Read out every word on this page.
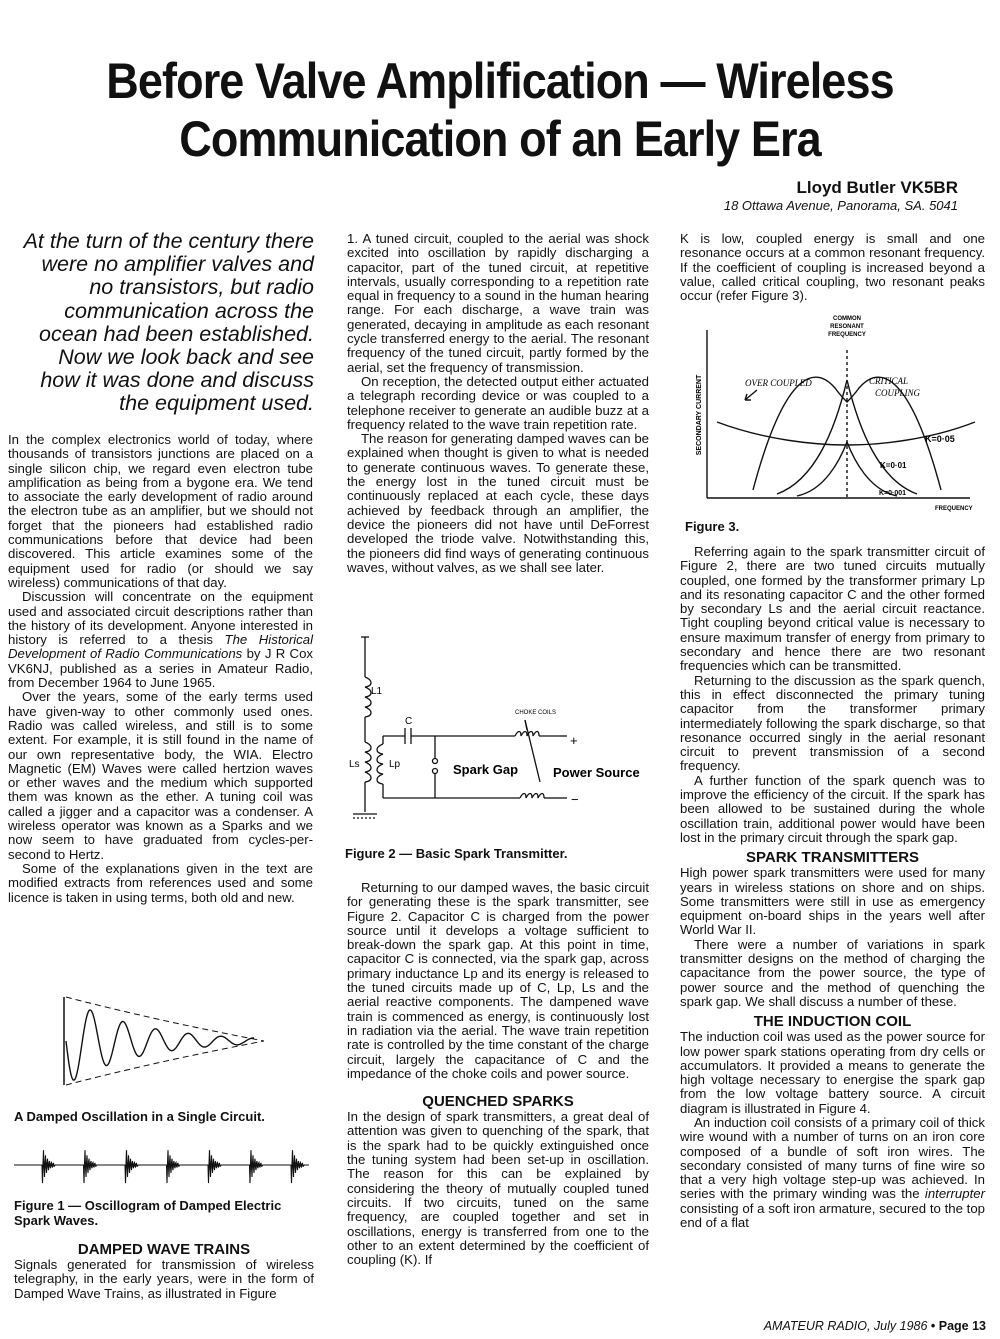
Before Valve Amplification — Wireless
Communication of an Early Era
Lloyd Butler VK5BR
18 Ottawa Avenue, Panorama, SA. 5041
At the turn of the century there were no amplifier valves and no transistors, but radio communication across the ocean had been established. Now we look back and see how it was done and discuss the equipment used.

In the complex electronics world of today, where thousands of transistors junctions are placed on a single silicon chip, we regard even electron tube amplification as being from a bygone era. We tend to associate the early development of radio around the electron tube as an amplifier, but we should not forget that the pioneers had established radio communications before that device had been discovered. This article examines some of the equipment used for radio (or should we say wireless) communications of that day.

Discussion will concentrate on the equipment used and associated circuit descriptions rather than the history of its development. Anyone interested in history is referred to a thesis The Historical Development of Radio Communications by J R Cox VK6NJ, published as a series in Amateur Radio, from December 1964 to June 1965.

Over the years, some of the early terms used have given-way to other commonly used ones. Radio was called wireless, and still is to some extent. For example, it is still found in the name of our own representative body, the WIA. Electro Magnetic (EM) Waves were called hertzion waves or ether waves and the medium which supported them was known as the ether. A tuning coil was called a jigger and a capacitor was a condenser. A wireless operator was known as a Sparks and we now seem to have graduated from cycles-per-second to Hertz.

Some of the explanations given in the text are modified extracts from references used and some licence is taken in using terms, both old and new.

A Damped Oscillation in a Single Circuit.
Figure 1 — Oscillogram of Damped Electric Spark Waves.
DAMPED WAVE TRAINS

Signals generated for transmission of wireless telegraphy, in the early years, were in the form of Damped Wave Trains, as illustrated in Figure

1. A tuned circuit, coupled to the aerial was shock excited into oscillation by rapidly discharging a capacitor, part of the tuned circuit, at repetitive intervals, usually corresponding to a repetition rate equal in frequency to a sound in the human hearing range. For each discharge, a wave train was generated, decaying in amplitude as each resonant cycle transferred energy to the aerial. The resonant frequency of the tuned circuit, partly formed by the aerial, set the frequency of transmission.

On reception, the detected output either actuated a telegraph recording device or was coupled to a telephone receiver to generate an audible buzz at a frequency related to the wave train repetition rate.

The reason for generating damped waves can be explained when thought is given to what is needed to generate continuous waves. To generate these, the energy lost in the tuned circuit must be continuously replaced at each cycle, these days achieved by feedback through an amplifier, the device the pioneers did not have until DeForrest developed the triode valve. Notwithstanding this, the pioneers did find ways of generating continuous waves, without valves, as we shall see later.

L1
C
Ls	Lp
CHOKE COILS
Spark Gap	Power Source
+
−
Figure 2 — Basic Spark Transmitter.

Returning to our damped waves, the basic circuit for generating these is the spark transmitter, see Figure 2. Capacitor C is charged from the power source until it develops a voltage sufficient to break-down the spark gap. At this point in time, capacitor C is connected, via the spark gap, across primary inductance Lp and its energy is released to the tuned circuits made up of C, Lp, Ls and the aerial reactive components. The dampened wave train is commenced as energy, is continuously lost in radiation via the aerial. The wave train repetition rate is controlled by the time constant of the charge circuit, largely the capacitance of C and the impedance of the choke coils and power source.

QUENCHED SPARKS

In the design of spark transmitters, a great deal of attention was given to quenching of the spark, that is the spark had to be quickly extinguished once the tuning system had been set-up in oscillation. The reason for this can be explained by considering the theory of mutually coupled tuned circuits. If two circuits, tuned on the same frequency, are coupled together and set in oscillations, energy is transferred from one to the other to an extent determined by the coefficient of coupling (K). If

K is low, coupled energy is small and one resonance occurs at a common resonant frequency. If the coefficient of coupling is increased beyond a value, called critical coupling, two resonant peaks occur (refer Figure 3).

COMMON
RESONANT
FREQUENCY
SECONDARY CURRENT
FREQUENCY
OVER COUPLED	CRITICAL
COUPLING
K=0·05
K=0·01
K=0·001
Figure 3.

Referring again to the spark transmitter circuit of Figure 2, there are two tuned circuits mutually coupled, one formed by the transformer primary Lp and its resonating capacitor C and the other formed by secondary Ls and the aerial circuit reactance. Tight coupling beyond critical value is necessary to ensure maximum transfer of energy from primary to secondary and hence there are two resonant frequencies which can be transmitted.

Returning to the discussion as the spark quench, this in effect disconnected the primary tuning capacitor from the transformer primary intermediately following the spark discharge, so that resonance occurred singly in the aerial resonant circuit to prevent transmission of a second frequency.

A further function of the spark quench was to improve the efficiency of the circuit. If the spark has been allowed to be sustained during the whole oscillation train, additional power would have been lost in the primary circuit through the spark gap.

SPARK TRANSMITTERS

High power spark transmitters were used for many years in wireless stations on shore and on ships. Some transmitters were still in use as emergency equipment on-board ships in the years well after World War II.

There were a number of variations in spark transmitter designs on the method of charging the capacitance from the power source, the type of power source and the method of quenching the spark gap. We shall discuss a number of these.

THE INDUCTION COIL

The induction coil was used as the power source for low power spark stations operating from dry cells or accumulators. It provided a means to generate the high voltage necessary to energise the spark gap from the low voltage battery source. A circuit diagram is illustrated in Figure 4.

An induction coil consists of a primary coil of thick wire wound with a number of turns on an iron core composed of a bundle of soft iron wires. The secondary consisted of many turns of fine wire so that a very high voltage step-up was achieved. In series with the primary winding was the interrupter consisting of a soft iron armature, secured to the top end of a flat

AMATEUR RADIO, July 1986 • Page 13
